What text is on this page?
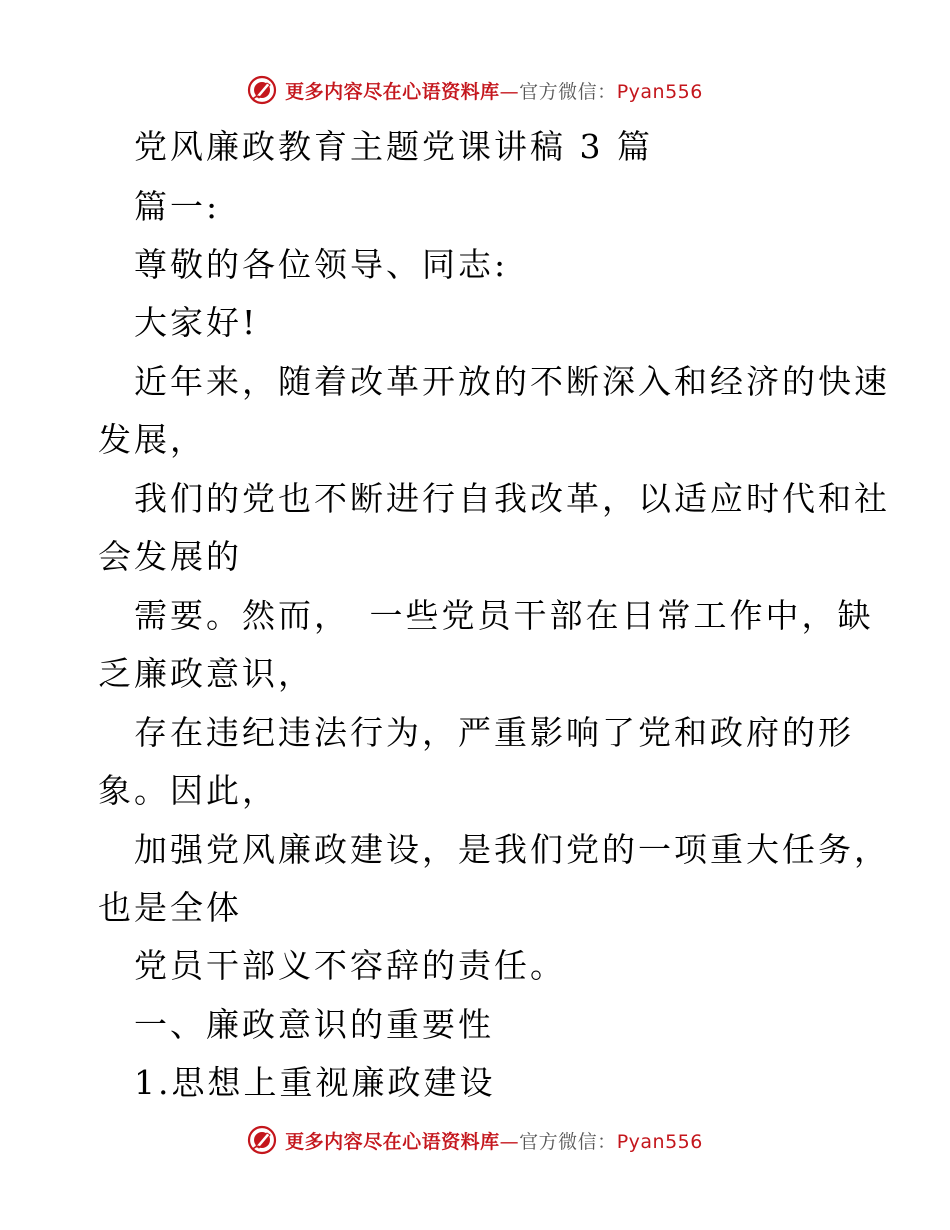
更多内容尽在心语资料库—官方微信：Pyan556
党风廉政教育主题党课讲稿 3 篇
篇一:
尊敬的各位领导、同志:
大家好!
近年来，随着改革开放的不断深入和经济的快速
发展，
我们的党也不断进行自我改革，以适应时代和社
会发展的
需要。然而，　一些党员干部在日常工作中，缺
乏廉政意识，
存在违纪违法行为，严重影响了党和政府的形
象。因此，
加强党风廉政建设，是我们党的一项重大任务，
也是全体
党员干部义不容辞的责任。
一、廉政意识的重要性
1.思想上重视廉政建设
更多内容尽在心语资料库—官方微信：Pyan556
